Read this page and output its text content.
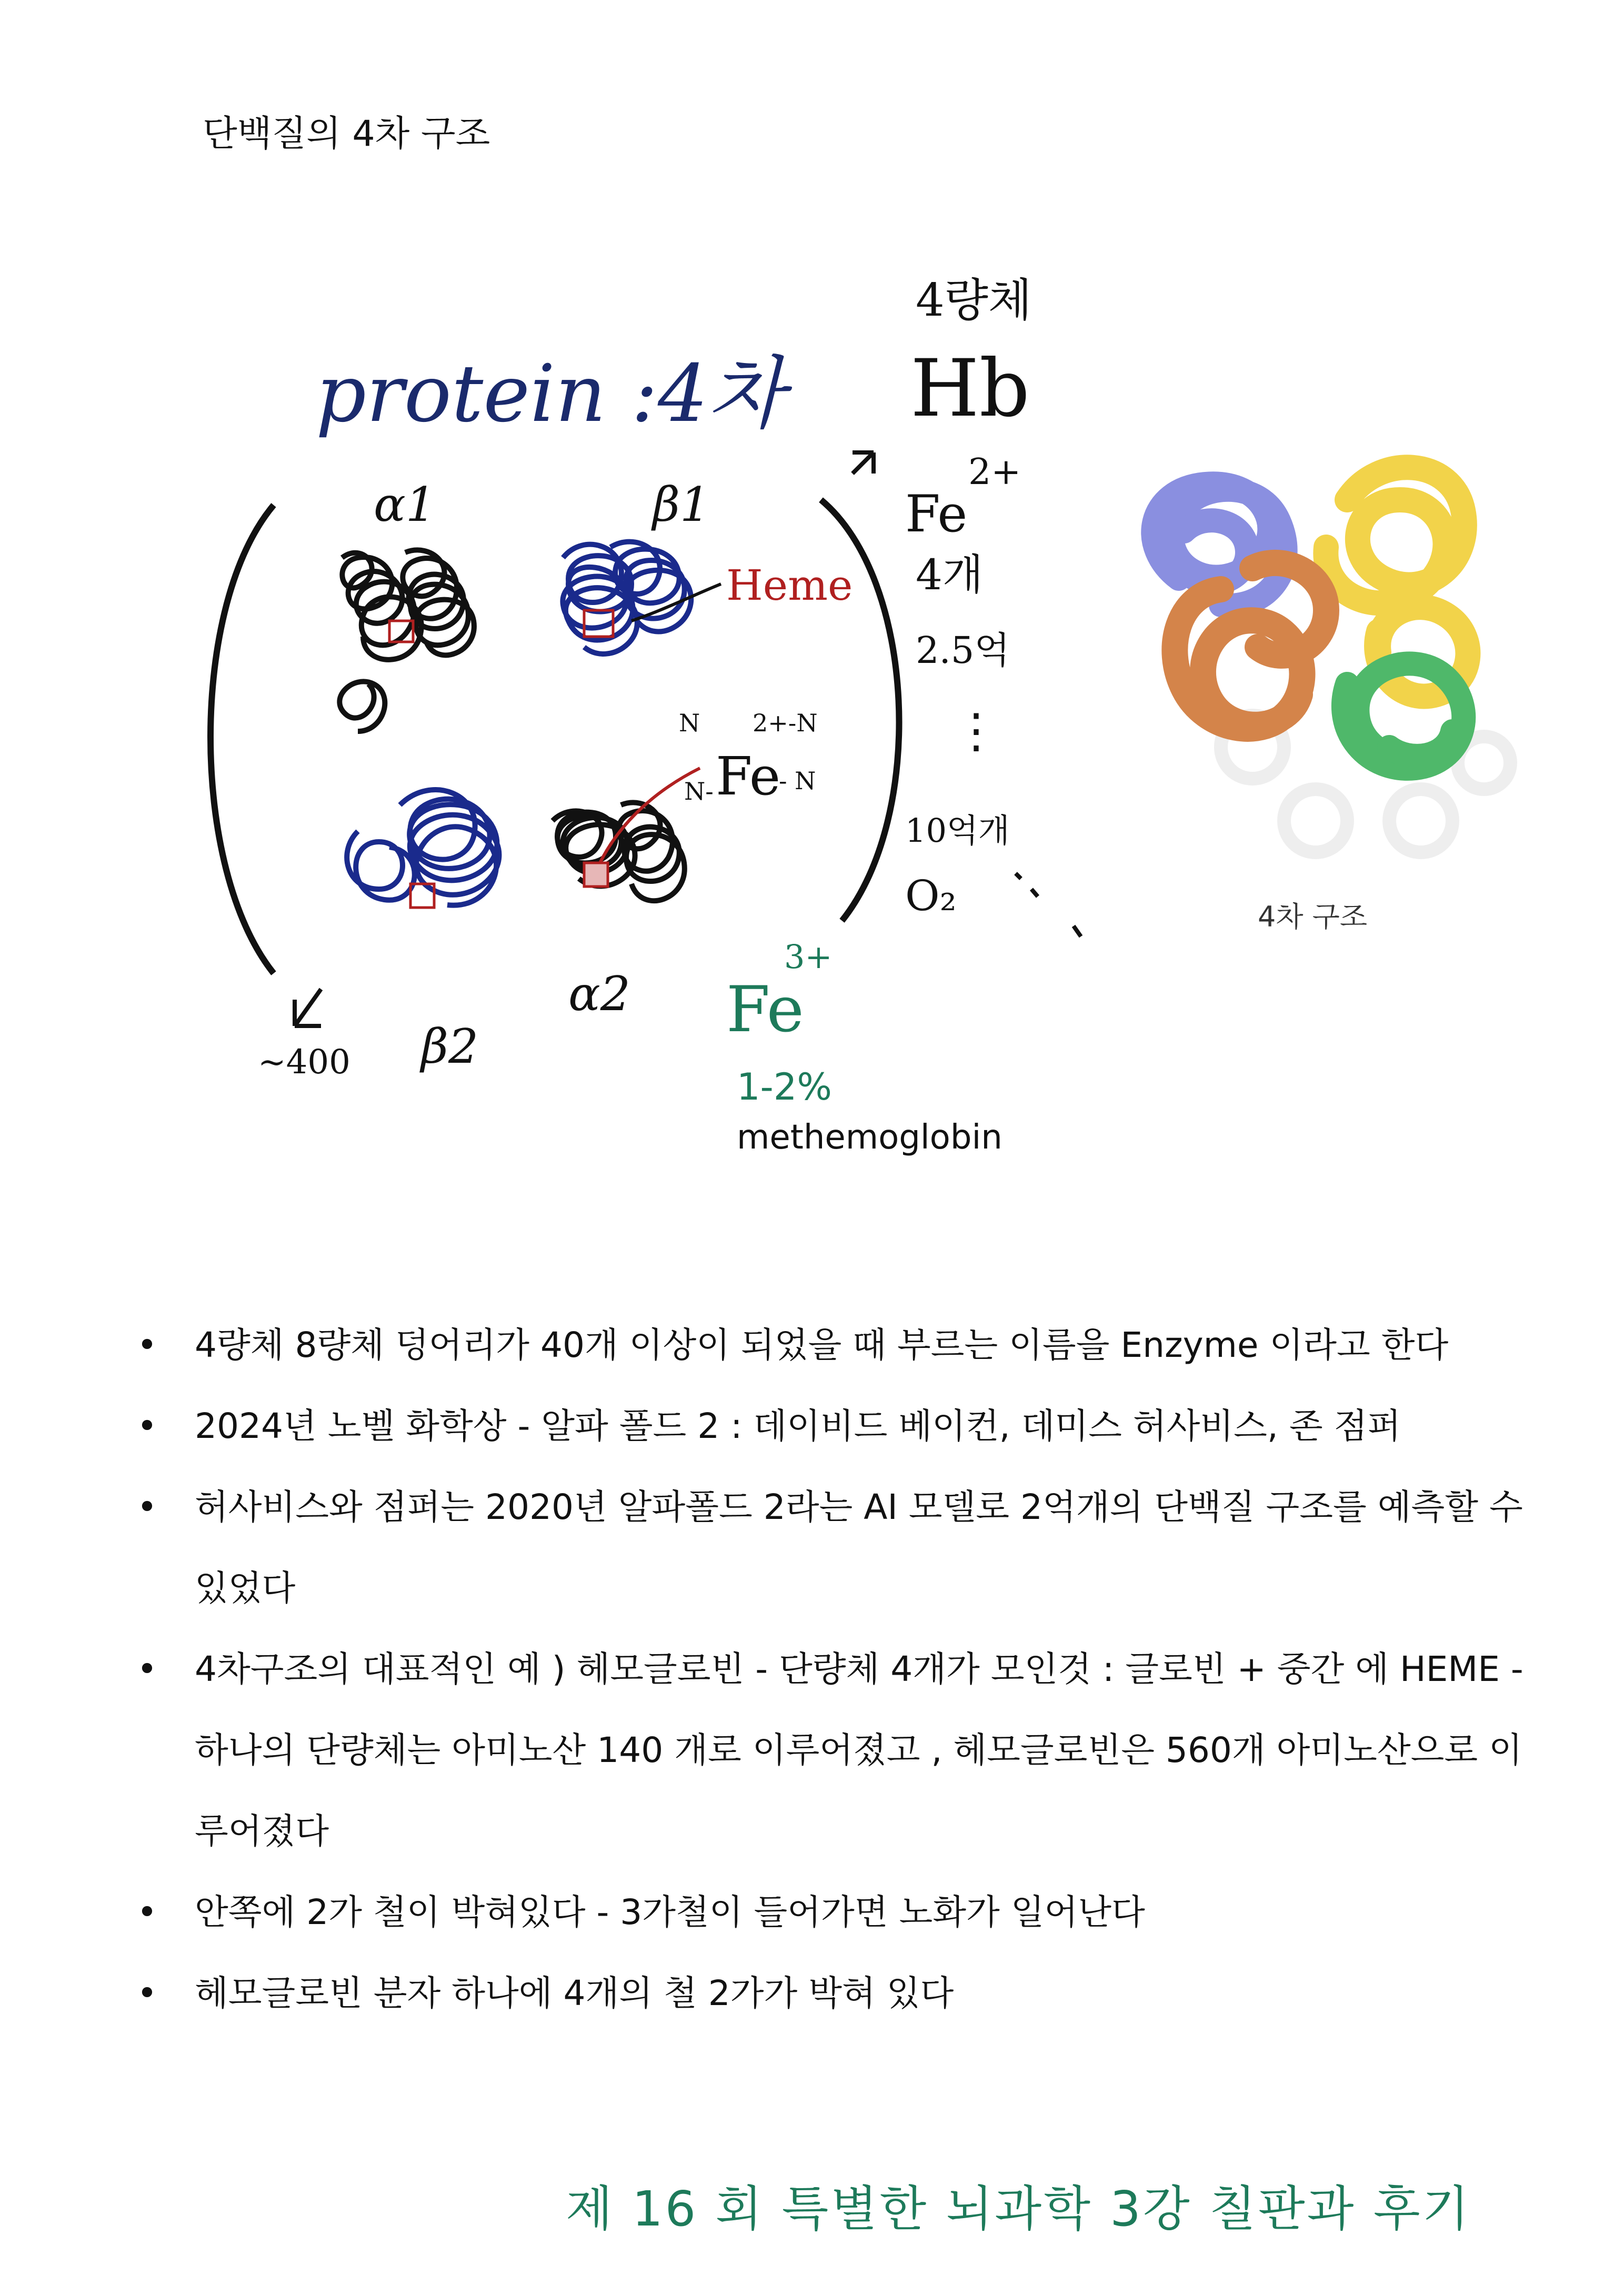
단백질의 4차 구조
protein :4차
α1	β1
α2
β2
Heme
N 2+-N
N- Fe
- N
~400
4량체
Hb
Fe
2+
4개
2.5억
⋮
10억개
O₂
Fe
3+
1-2%
methemoglobin
4차 구조
• 4량체 8량체 덩어리가 40개 이상이 되었을 때 부르는 이름을 Enzyme 이라고 한다
• 2024년 노벨 화학상 - 알파 폴드 2 : 데이비드 베이컨, 데미스 허사비스, 존 점퍼
• 허사비스와 점퍼는 2020년 알파폴드 2라는 AI 모델로 2억개의 단백질 구조를 예측할 수 있었다
• 4차구조의 대표적인 예 ) 헤모글로빈 - 단량체 4개가 모인것 : 글로빈 + 중간 에 HEME - 하나의 단량체는 아미노산 140 개로 이루어졌고 , 헤모글로빈은 560개 아미노산으로 이루어졌다
• 안쪽에 2가 철이 박혀있다 - 3가철이 들어가면 노화가 일어난다
• 헤모글로빈 분자 하나에 4개의 철 2가가 박혀 있다
제 16 회 특별한 뇌과학 3강 칠판과 후기
